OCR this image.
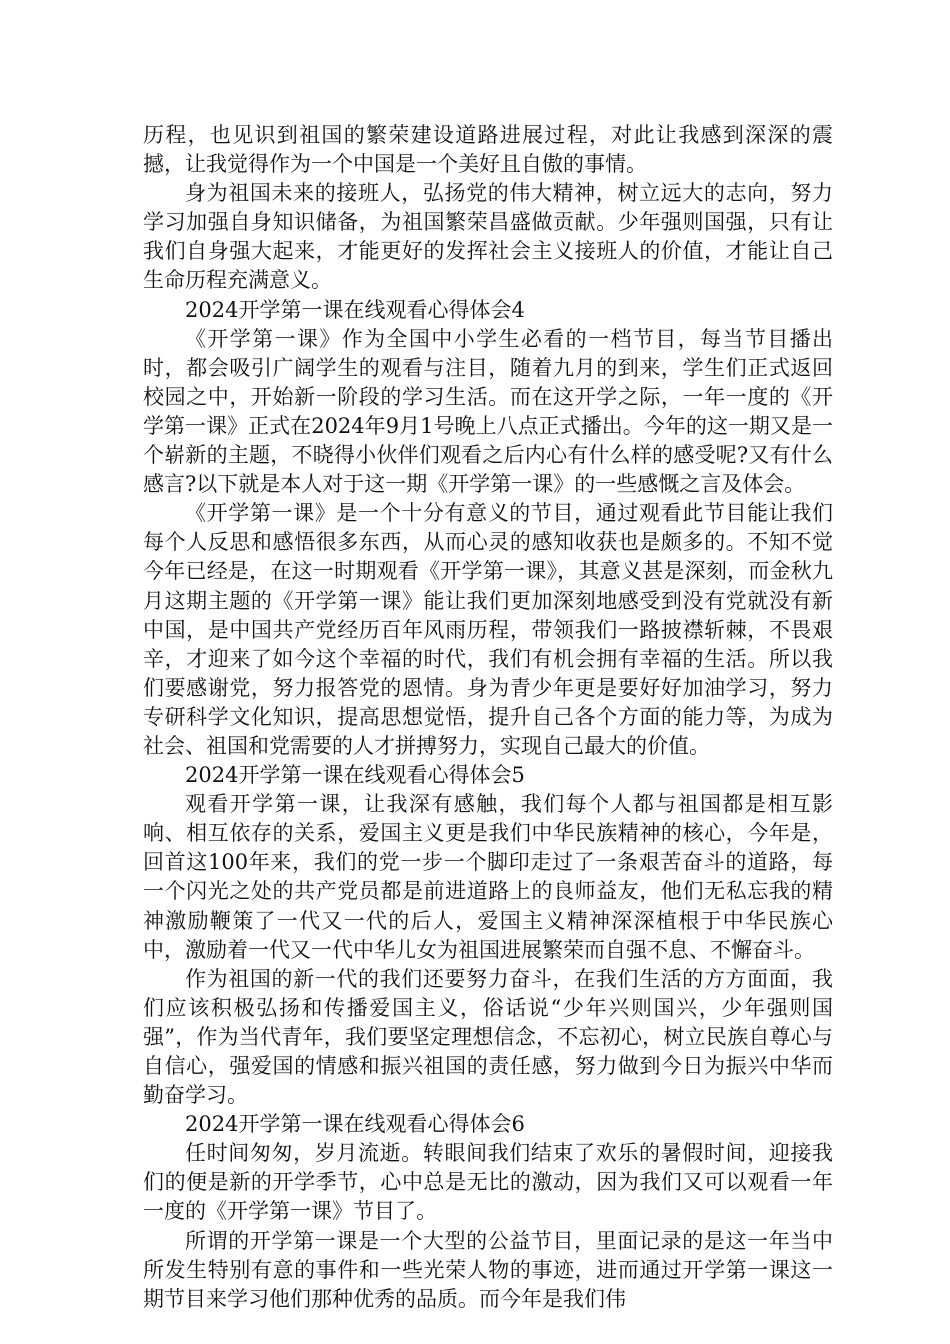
历程，也见识到祖国的繁荣建设道路进展过程，对此让我感到深深的震撼，让我觉得作为一个中国是一个美好且自傲的事情。

身为祖国未来的接班人，弘扬党的伟大精神，树立远大的志向，努力学习加强自身知识储备，为祖国繁荣昌盛做贡献。少年强则国强，只有让我们自身强大起来，才能更好的发挥社会主义接班人的价值，才能让自己生命历程充满意义。

2024开学第一课在线观看心得体会4

《开学第一课》作为全国中小学生必看的一档节目，每当节目播出时，都会吸引广阔学生的观看与注目，随着九月的到来，学生们正式返回校园之中，开始新一阶段的学习生活。而在这开学之际，一年一度的《开学第一课》正式在2024年9月1号晚上八点正式播出。今年的这一期又是一个崭新的主题，不晓得小伙伴们观看之后内心有什么样的感受呢?又有什么感言?以下就是本人对于这一期《开学第一课》的一些感慨之言及体会。

《开学第一课》是一个十分有意义的节目，通过观看此节目能让我们每个人反思和感悟很多东西，从而心灵的感知收获也是颇多的。不知不觉今年已经是，在这一时期观看《开学第一课》，其意义甚是深刻，而金秋九月这期主题的《开学第一课》能让我们更加深刻地感受到没有党就没有新中国，是中国共产党经历百年风雨历程，带领我们一路披襟斩棘，不畏艰辛，才迎来了如今这个幸福的时代，我们有机会拥有幸福的生活。所以我们要感谢党，努力报答党的恩情。身为青少年更是要好好加油学习，努力专研科学文化知识，提高思想觉悟，提升自己各个方面的能力等，为成为社会、祖国和党需要的人才拼搏努力，实现自己最大的价值。

2024开学第一课在线观看心得体会5

观看开学第一课，让我深有感触，我们每个人都与祖国都是相互影响、相互依存的关系，爱国主义更是我们中华民族精神的核心，今年是，回首这100年来，我们的党一步一个脚印走过了一条艰苦奋斗的道路，每一个闪光之处的共产党员都是前进道路上的良师益友，他们无私忘我的精神激励鞭策了一代又一代的后人，爱国主义精神深深植根于中华民族心中，激励着一代又一代中华儿女为祖国进展繁荣而自强不息、不懈奋斗。

作为祖国的新一代的我们还要努力奋斗，在我们生活的方方面面，我们应该积极弘扬和传播爱国主义，俗话说“少年兴则国兴，少年强则国强”，作为当代青年，我们要坚定理想信念，不忘初心，树立民族自尊心与自信心，强爱国的情感和振兴祖国的责任感，努力做到今日为振兴中华而勤奋学习。

2024开学第一课在线观看心得体会6

任时间匆匆，岁月流逝。转眼间我们结束了欢乐的暑假时间，迎接我们的便是新的开学季节，心中总是无比的激动，因为我们又可以观看一年一度的《开学第一课》节目了。

所谓的开学第一课是一个大型的公益节目，里面记录的是这一年当中所发生特别有意的事件和一些光荣人物的事迹，进而通过开学第一课这一期节目来学习他们那种优秀的品质。而今年是我们伟
